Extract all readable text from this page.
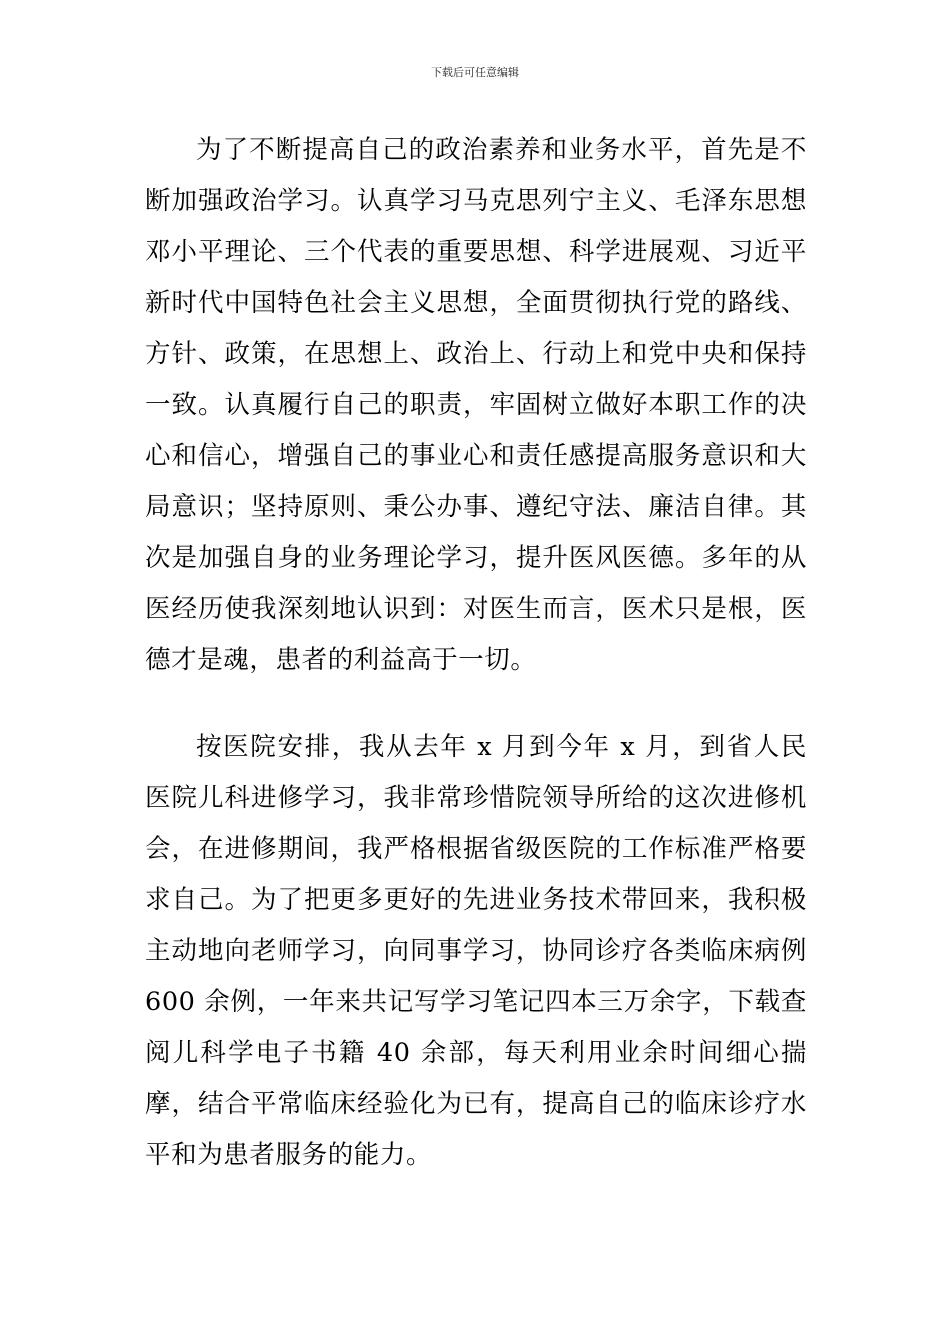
下载后可任意编辑

为了不断提高自己的政治素养和业务水平，首先是不断加强政治学习。认真学习马克思列宁主义、毛泽东思想邓小平理论、三个代表的重要思想、科学进展观、习近平新时代中国特色社会主义思想，全面贯彻执行党的路线、方针、政策，在思想上、政治上、行动上和党中央和保持一致。认真履行自己的职责，牢固树立做好本职工作的决心和信心，增强自己的事业心和责任感提高服务意识和大局意识；坚持原则、秉公办事、遵纪守法、廉洁自律。其次是加强自身的业务理论学习，提升医风医德。多年的从医经历使我深刻地认识到：对医生而言，医术只是根，医德才是魂，患者的利益高于一切。

按医院安排，我从去年 x 月到今年 x 月，到省人民医院儿科进修学习，我非常珍惜院领导所给的这次进修机会，在进修期间，我严格根据省级医院的工作标准严格要求自己。为了把更多更好的先进业务技术带回来，我积极主动地向老师学习，向同事学习，协同诊疗各类临床病例 600 余例，一年来共记写学习笔记四本三万余字，下载查阅儿科学电子书籍 40 余部，每天利用业余时间细心揣摩，结合平常临床经验化为已有，提高自己的临床诊疗水平和为患者服务的能力。
